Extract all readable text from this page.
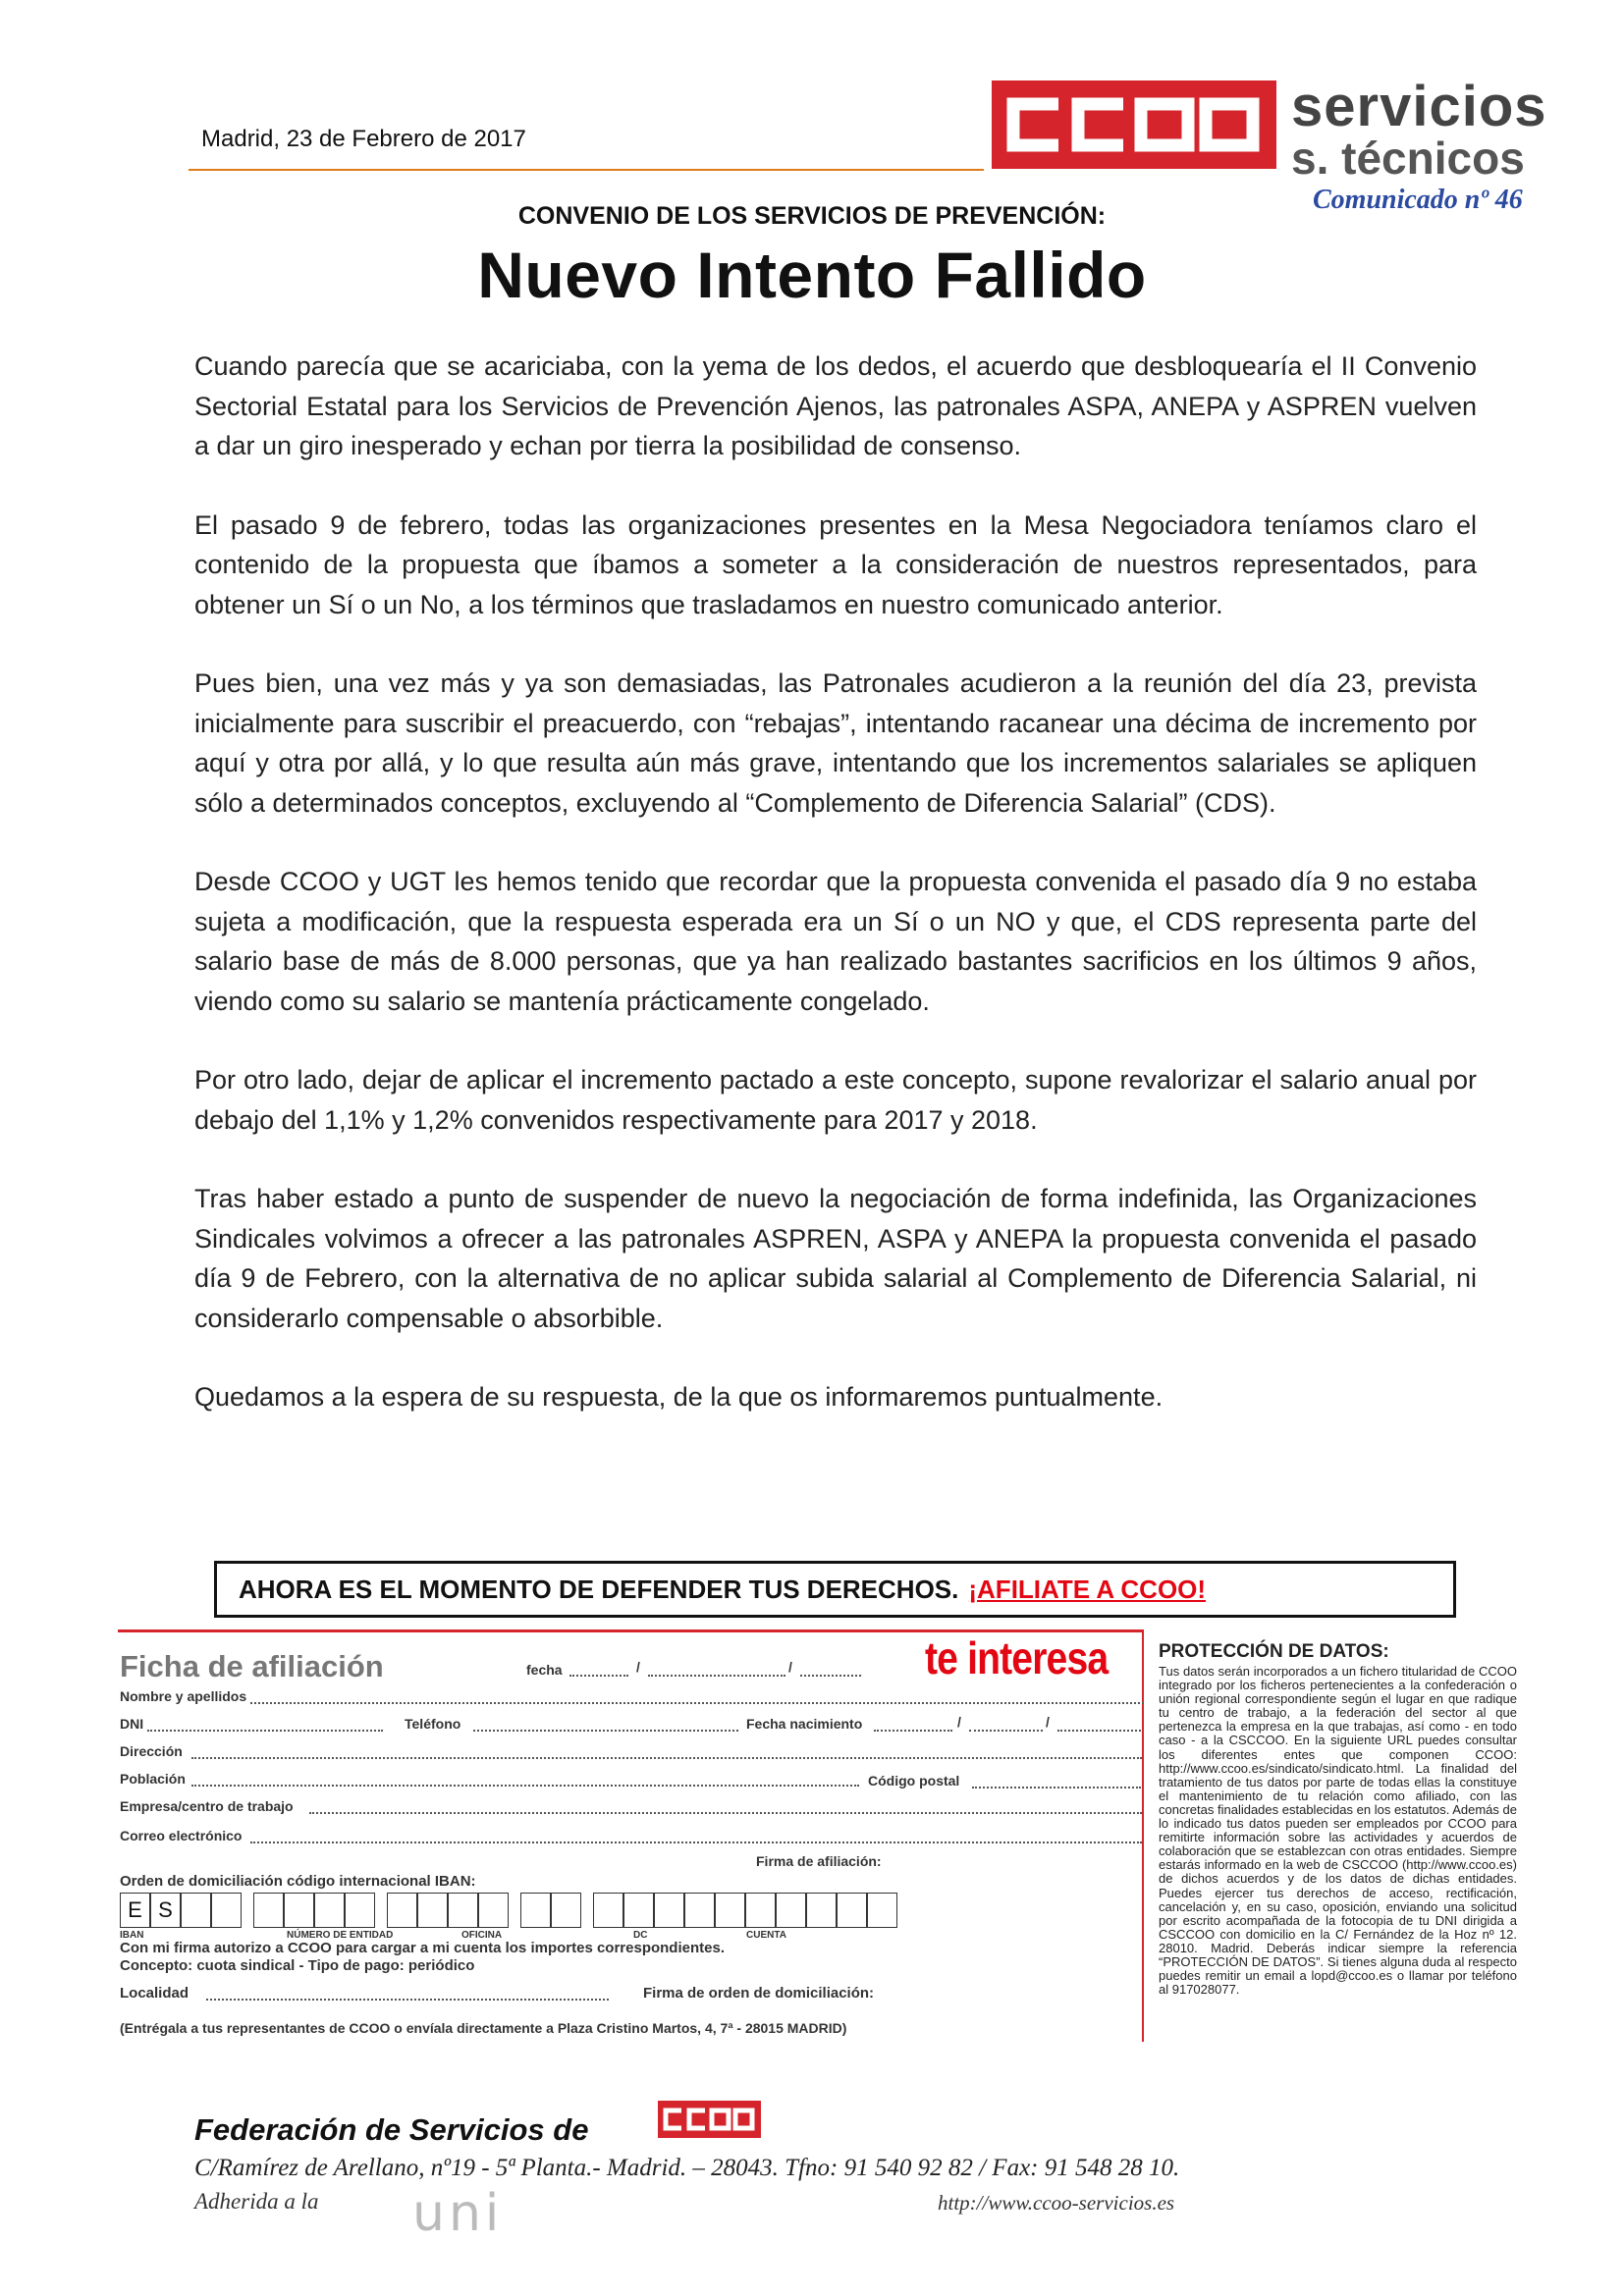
Madrid, 23 de Febrero de 2017
servicios
s. técnicos
Comunicado nº 46
CONVENIO DE LOS SERVICIOS DE PREVENCIÓN:
Nuevo Intento Fallido

Cuando parecía que se acariciaba, con la yema de los dedos, el acuerdo que desbloquearía el II Convenio Sectorial Estatal para los Servicios de Prevención Ajenos, las patronales ASPA, ANEPA y ASPREN vuelven a dar un giro inesperado y echan por tierra la posibilidad de consenso.

El pasado 9 de febrero, todas las organizaciones presentes en la Mesa Negociadora teníamos claro el contenido de la propuesta que íbamos a someter a la consideración de nuestros representados, para obtener un Sí o un No, a los términos que trasladamos en nuestro comunicado anterior.

Pues bien, una vez más y ya son demasiadas, las Patronales acudieron a la reunión del día 23, prevista inicialmente para suscribir el preacuerdo, con “rebajas”, intentando racanear una décima de incremento por aquí y otra por allá, y lo que resulta aún más grave, intentando que los incrementos salariales se apliquen sólo a determinados conceptos, excluyendo al “Complemento de Diferencia Salarial” (CDS).

Desde CCOO y UGT les hemos tenido que recordar que la propuesta convenida el pasado día 9 no estaba sujeta a modificación, que la respuesta esperada era un Sí o un NO y que, el CDS representa parte del salario base de más de 8.000 personas, que ya han realizado bastantes sacrificios en los últimos 9 años, viendo como su salario se mantenía prácticamente congelado.

Por otro lado, dejar de aplicar el incremento pactado a este concepto, supone revalorizar el salario anual por debajo del 1,1% y 1,2% convenidos respectivamente para 2017 y 2018.

Tras haber estado a punto de suspender de nuevo la negociación de forma indefinida, las Organizaciones Sindicales volvimos a ofrecer a las patronales ASPREN, ASPA y ANEPA la propuesta convenida el pasado día 9 de Febrero, con la alternativa de no aplicar subida salarial al Complemento de Diferencia Salarial, ni considerarlo compensable o absorbible.

Quedamos a la espera de su respuesta, de la que os informaremos puntualmente.

AHORA ES EL MOMENTO DE DEFENDER TUS DERECHOS. ¡AFILIATE A CCOO!
Ficha de afiliación	te interesa
fecha	/	/
Nombre y apellidos
DNI	Teléfono	Fecha nacimiento	/	/
Dirección
Población	Código postal
Empresa/centro de trabajo
Correo electrónico
Firma de afiliación:
Orden de domiciliación código internacional IBAN:
E S
IBAN	NÚMERO DE ENTIDAD	OFICINA	DC	CUENTA
Con mi firma autorizo a CCOO para cargar a mi cuenta los importes correspondientes.
Concepto: cuota sindical - Tipo de pago: periódico
Localidad	Firma de orden de domiciliación:
(Entrégala a tus representantes de CCOO o envíala directamente a Plaza Cristino Martos, 4, 7ª - 28015 MADRID)
PROTECCIÓN DE DATOS:
Tus datos serán incorporados a un fichero titularidad de CCOO integrado por los ficheros pertenecientes a la confederación o unión regional correspondiente según el lugar en que radique tu centro de trabajo, a la federación del sector al que pertenezca la empresa en la que trabajas, así como - en todo caso - a la CSCCOO. En la siguiente URL puedes consultar los diferentes entes que componen CCOO: http://www.ccoo.es/sindicato/sindicato.html. La finalidad del tratamiento de tus datos por parte de todas ellas la constituye el mantenimiento de tu relación como afiliado, con las concretas finalidades establecidas en los estatutos. Además de lo indicado tus datos pueden ser empleados por CCOO para remitirte información sobre las actividades y acuerdos de colaboración que se establezcan con otras entidades. Siempre estarás informado en la web de CSCCOO (http://www.ccoo.es) de dichos acuerdos y de los datos de dichas entidades. Puedes ejercer tus derechos de acceso, rectificación, cancelación y, en su caso, oposición, enviando una solicitud por escrito acompañada de la fotocopia de tu DNI dirigida a CSCCOO con domicilio en la C/ Fernández de la Hoz nº 12. 28010. Madrid. Deberás indicar siempre la referencia “PROTECCIÓN DE DATOS”. Si tienes alguna duda al respecto puedes remitir un email a lopd@ccoo.es o llamar por teléfono al 917028077.
Federación de Servicios de
C/Ramírez de Arellano, nº19 - 5ª Planta.- Madrid. – 28043. Tfno: 91 540 92 82 / Fax: 91 548 28 10.
Adherida a la uni	http://www.ccoo-servicios.es
